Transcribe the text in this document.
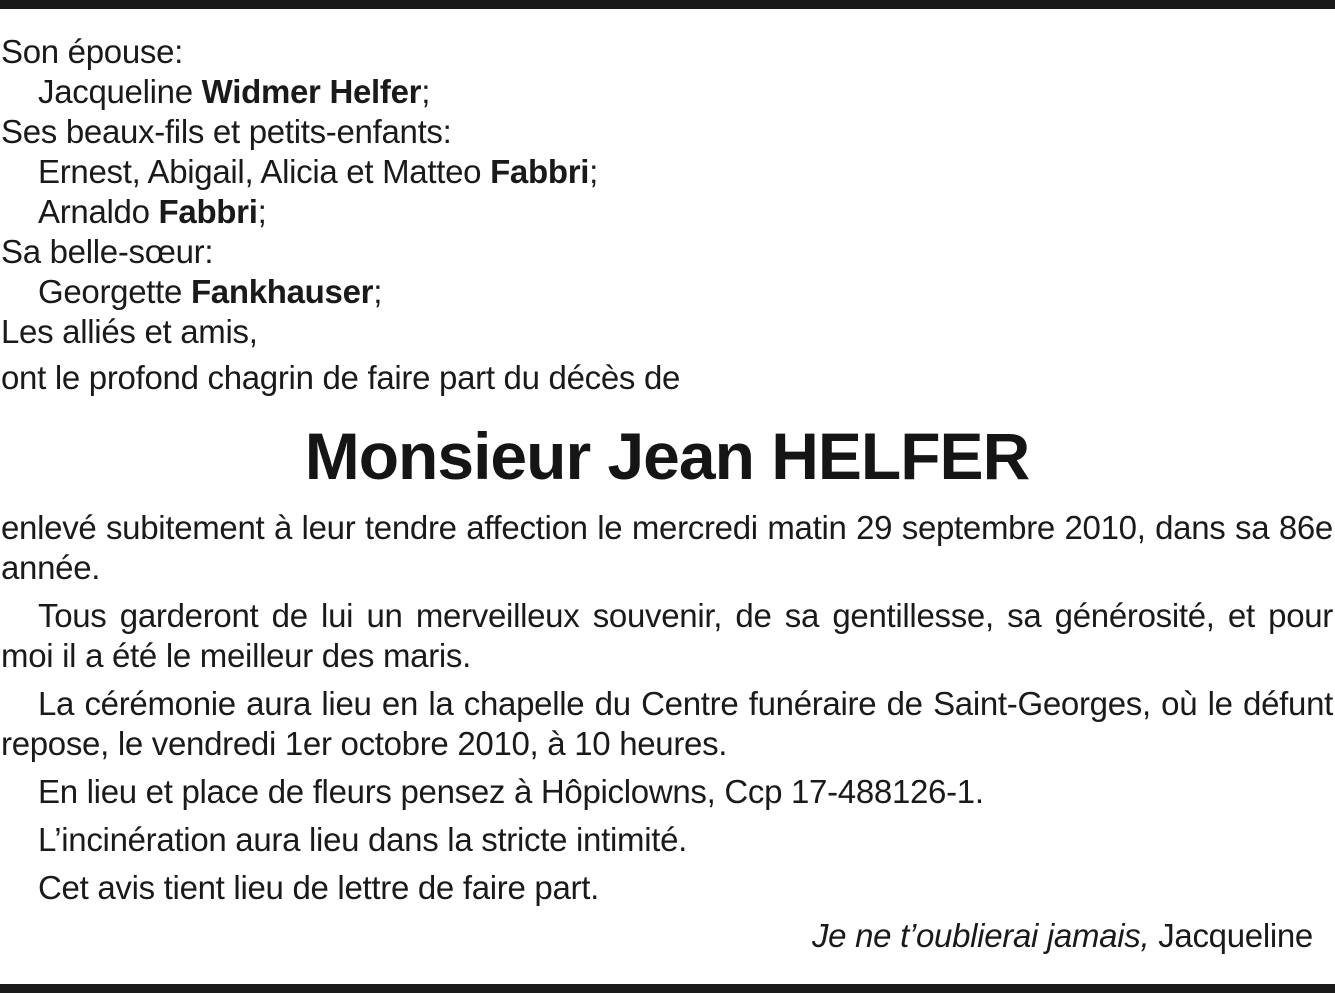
Son épouse:

Jacqueline Widmer Helfer;

Ses beaux-fils et petits-enfants:

Ernest, Abigail, Alicia et Matteo Fabbri;

Arnaldo Fabbri;

Sa belle-sœur:

Georgette Fankhauser;

Les alliés et amis,

ont le profond chagrin de faire part du décès de

Monsieur Jean HELFER

enlevé subitement à leur tendre affection le mercredi matin 29 septembre 2010, dans sa 86e année.

Tous garderont de lui un merveilleux souvenir, de sa gentillesse, sa générosité, et pour moi il a été le meilleur des maris.

La cérémonie aura lieu en la chapelle du Centre funéraire de Saint-Georges, où le défunt repose, le vendredi 1er octobre 2010, à 10 heures.

En lieu et place de fleurs pensez à Hôpiclowns, Ccp 17-488126-1.

L’incinération aura lieu dans la stricte intimité.

Cet avis tient lieu de lettre de faire part.

Je ne t’oublierai jamais, Jacqueline
